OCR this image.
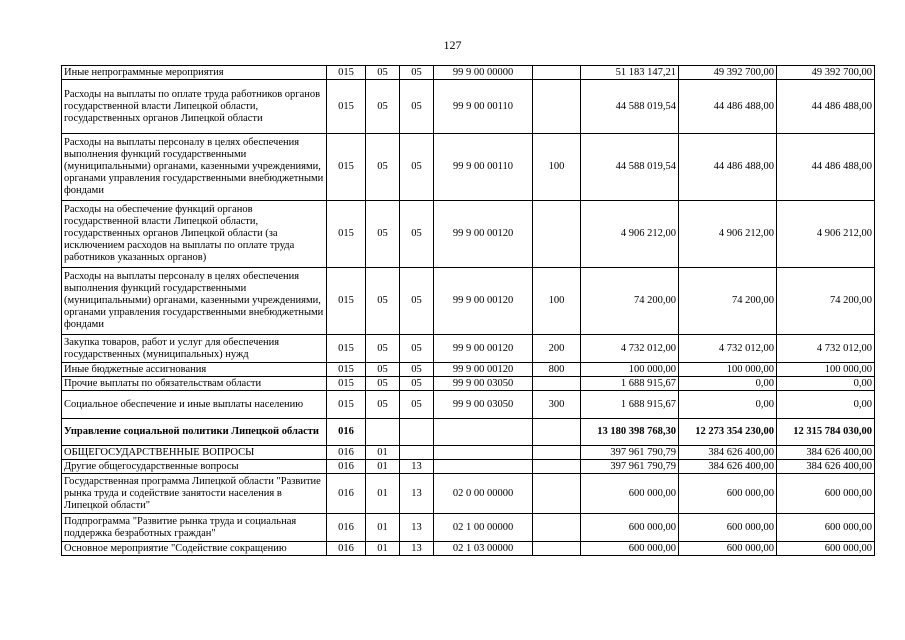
127
Иные непрограммные мероприятия	015	05	05	99 9 00 00000		51 183 147,21	49 392 700,00	49 392 700,00
Расходы на выплаты по оплате труда работников органов государственной власти Липецкой области, государственных органов Липецкой области	015	05	05	99 9 00 00110		44 588 019,54	44 486 488,00	44 486 488,00
Расходы на выплаты персоналу в целях обеспечения выполнения функций государственными (муниципальными) органами, казенными учреждениями, органами управления государственными внебюджетными фондами	015	05	05	99 9 00 00110	100	44 588 019,54	44 486 488,00	44 486 488,00
Расходы на обеспечение функций органов государственной власти Липецкой области, государственных органов Липецкой области (за исключением расходов на выплаты по оплате труда работников указанных органов)	015	05	05	99 9 00 00120		4 906 212,00	4 906 212,00	4 906 212,00
Расходы на выплаты персоналу в целях обеспечения выполнения функций государственными (муниципальными) органами, казенными учреждениями, органами управления государственными внебюджетными фондами	015	05	05	99 9 00 00120	100	74 200,00	74 200,00	74 200,00
Закупка товаров, работ и услуг для обеспечения государственных (муниципальных) нужд	015	05	05	99 9 00 00120	200	4 732 012,00	4 732 012,00	4 732 012,00
Иные бюджетные ассигнования	015	05	05	99 9 00 00120	800	100 000,00	100 000,00	100 000,00
Прочие выплаты по обязательствам области	015	05	05	99 9 00 03050		1 688 915,67	0,00	0,00
Социальное обеспечение и иные выплаты населению	015	05	05	99 9 00 03050	300	1 688 915,67	0,00	0,00
Управление социальной политики Липецкой области	016					13 180 398 768,30	12 273 354 230,00	12 315 784 030,00
ОБЩЕГОСУДАРСТВЕННЫЕ ВОПРОСЫ	016	01				397 961 790,79	384 626 400,00	384 626 400,00
Другие общегосударственные вопросы	016	01	13			397 961 790,79	384 626 400,00	384 626 400,00
Государственная программа Липецкой области "Развитие рынка труда и содействие занятости населения в Липецкой области"	016	01	13	02 0 00 00000		600 000,00	600 000,00	600 000,00
Подпрограмма "Развитие рынка труда и социальная поддержка безработных граждан"	016	01	13	02 1 00 00000		600 000,00	600 000,00	600 000,00
Основное мероприятие "Содействие сокращению	016	01	13	02 1 03 00000		600 000,00	600 000,00	600 000,00
